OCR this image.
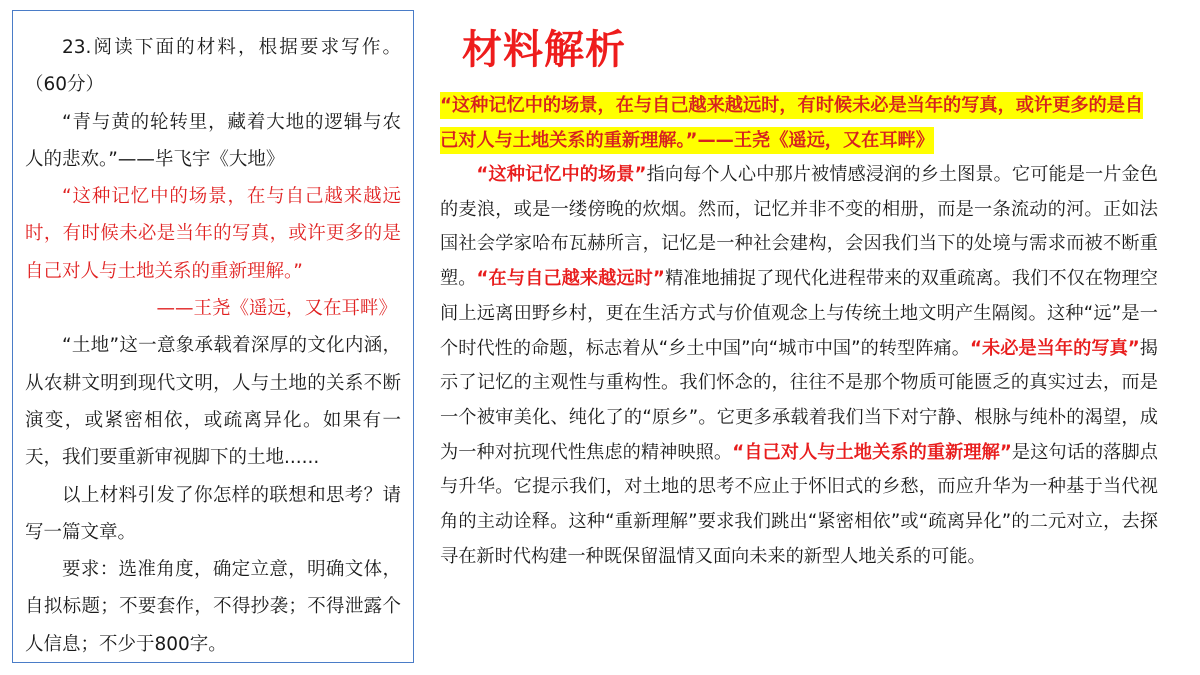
23.阅读下面的材料，根据要求写作。（60分）

“青与黄的轮转里，藏着大地的逻辑与农人的悲欢。”——毕飞宇《大地》

“这种记忆中的场景，在与自己越来越远时，有时候未必是当年的写真，或许更多的是自己对人与土地关系的重新理解。”

——王尧《遥远，又在耳畔》

“土地”这一意象承载着深厚的文化内涵，从农耕文明到现代文明，人与土地的关系不断演变，或紧密相依，或疏离异化。如果有一天，我们要重新审视脚下的土地......

以上材料引发了你怎样的联想和思考？请写一篇文章。

要求：选准角度，确定立意，明确文体，自拟标题；不要套作，不得抄袭；不得泄露个人信息；不少于800字。

材料解析
“这种记忆中的场景，在与自己越来越远时，有时候未必是当年的写真，或许更多的是自己对人与土地关系的重新理解。”——王尧《遥远，又在耳畔》

“这种记忆中的场景”指向每个人心中那片被情感浸润的乡土图景。它可能是一片金色的麦浪，或是一缕傍晚的炊烟。然而，记忆并非不变的相册，而是一条流动的河。正如法国社会学家哈布瓦赫所言，记忆是一种社会建构，会因我们当下的处境与需求而被不断重塑。“在与自己越来越远时”精准地捕捉了现代化进程带来的双重疏离。我们不仅在物理空间上远离田野乡村，更在生活方式与价值观念上与传统土地文明产生隔阂。这种“远”是一个时代性的命题，标志着从“乡土中国”向“城市中国”的转型阵痛。“未必是当年的写真”揭示了记忆的主观性与重构性。我们怀念的，往往不是那个物质可能匮乏的真实过去，而是一个被审美化、纯化了的“原乡”。它更多承载着我们当下对宁静、根脉与纯朴的渴望，成为一种对抗现代性焦虑的精神映照。“自己对人与土地关系的重新理解”是这句话的落脚点与升华。它提示我们，对土地的思考不应止于怀旧式的乡愁，而应升华为一种基于当代视角的主动诠释。这种“重新理解”要求我们跳出“紧密相依”或“疏离异化”的二元对立，去探寻在新时代构建一种既保留温情又面向未来的新型人地关系的可能。
